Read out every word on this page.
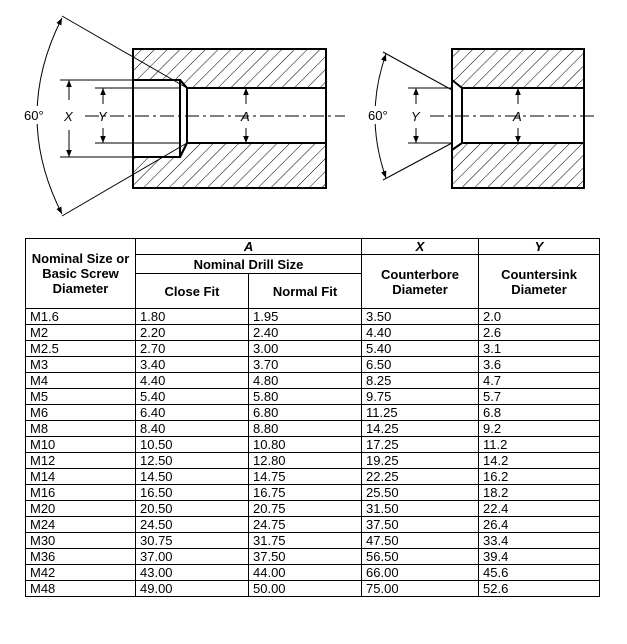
X Y	A
60°	Y	A
60°
Nominal Size or Basic Screw Diameter	A		X	Y
	Nominal Drill Size		Counterbore Diameter	Countersink Diameter
	Close Fit	Normal Fit		
M1.6	1.80	1.95	3.50	2.0
M2	2.20	2.40	4.40	2.6
M2.5	2.70	3.00	5.40	3.1
M3	3.40	3.70	6.50	3.6
M4	4.40	4.80	8.25	4.7
M5	5.40	5.80	9.75	5.7
M6	6.40	6.80	11.25	6.8
M8	8.40	8.80	14.25	9.2
M10	10.50	10.80	17.25	11.2
M12	12.50	12.80	19.25	14.2
M14	14.50	14.75	22.25	16.2
M16	16.50	16.75	25.50	18.2
M20	20.50	20.75	31.50	22.4
M24	24.50	24.75	37.50	26.4
M30	30.75	31.75	47.50	33.4
M36	37.00	37.50	56.50	39.4
M42	43.00	44.00	66.00	45.6
M48	49.00	50.00	75.00	52.6
